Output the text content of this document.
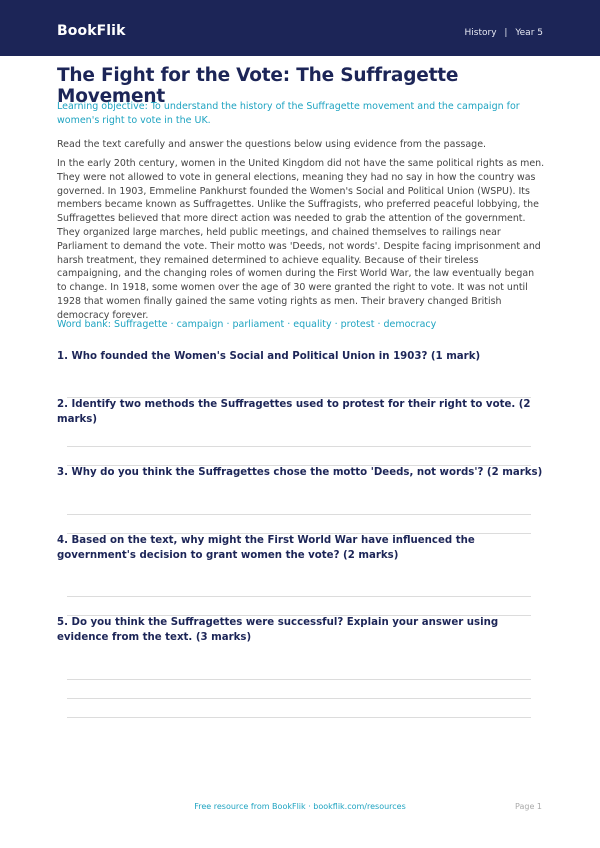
BookFlik	History | Year 5
The Fight for the Vote: The Suffragette Movement
Learning objective: To understand the history of the Suffragette movement and the campaign for women's right to vote in the UK.
Read the text carefully and answer the questions below using evidence from the passage.
In the early 20th century, women in the United Kingdom did not have the same political rights as men. They were not allowed to vote in general elections, meaning they had no say in how the country was governed. In 1903, Emmeline Pankhurst founded the Women's Social and Political Union (WSPU). Its members became known as Suffragettes. Unlike the Suffragists, who preferred peaceful lobbying, the Suffragettes believed that more direct action was needed to grab the attention of the government. They organized large marches, held public meetings, and chained themselves to railings near Parliament to demand the vote. Their motto was 'Deeds, not words'. Despite facing imprisonment and harsh treatment, they remained determined to achieve equality. Because of their tireless campaigning, and the changing roles of women during the First World War, the law eventually began to change. In 1918, some women over the age of 30 were granted the right to vote. It was not until 1928 that women finally gained the same voting rights as men. Their bravery changed British democracy forever.
Word bank: Suffragette · campaign · parliament · equality · protest · democracy

1. Who founded the Women's Social and Political Union in 1903? (1 mark)

2. Identify two methods the Suffragettes used to protest for their right to vote. (2 marks)

3. Why do you think the Suffragettes chose the motto 'Deeds, not words'? (2 marks)

4. Based on the text, why might the First World War have influenced the government's decision to grant women the vote? (2 marks)

5. Do you think the Suffragettes were successful? Explain your answer using evidence from the text. (3 marks)

Free resource from BookFlik · bookflik.com/resources	Page 1
